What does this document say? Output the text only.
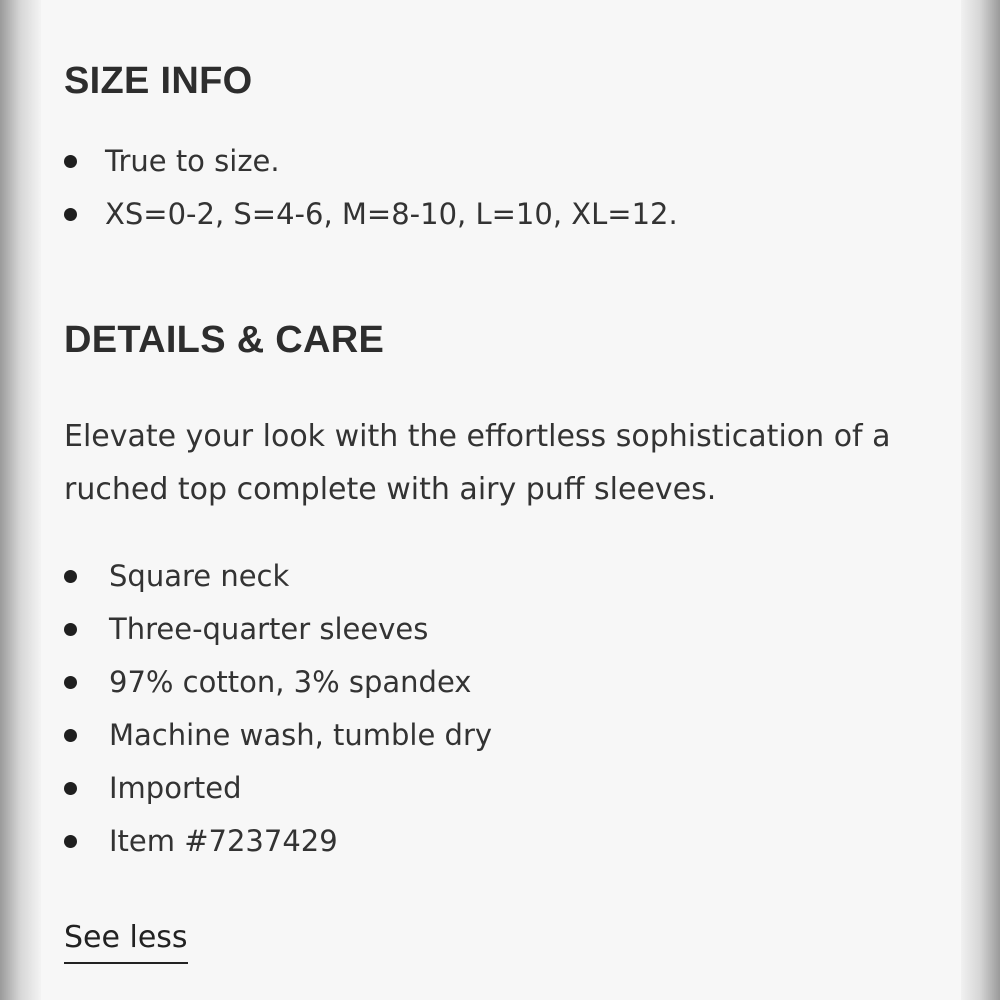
SIZE INFO
True to size.
XS=0-2, S=4-6, M=8-10, L=10, XL=12.
DETAILS & CARE

Elevate your look with the effortless sophistication of a ruched top complete with airy puff sleeves.

Square neck
Three-quarter sleeves
97% cotton, 3% spandex
Machine wash, tumble dry
Imported
Item #7237429
See less
